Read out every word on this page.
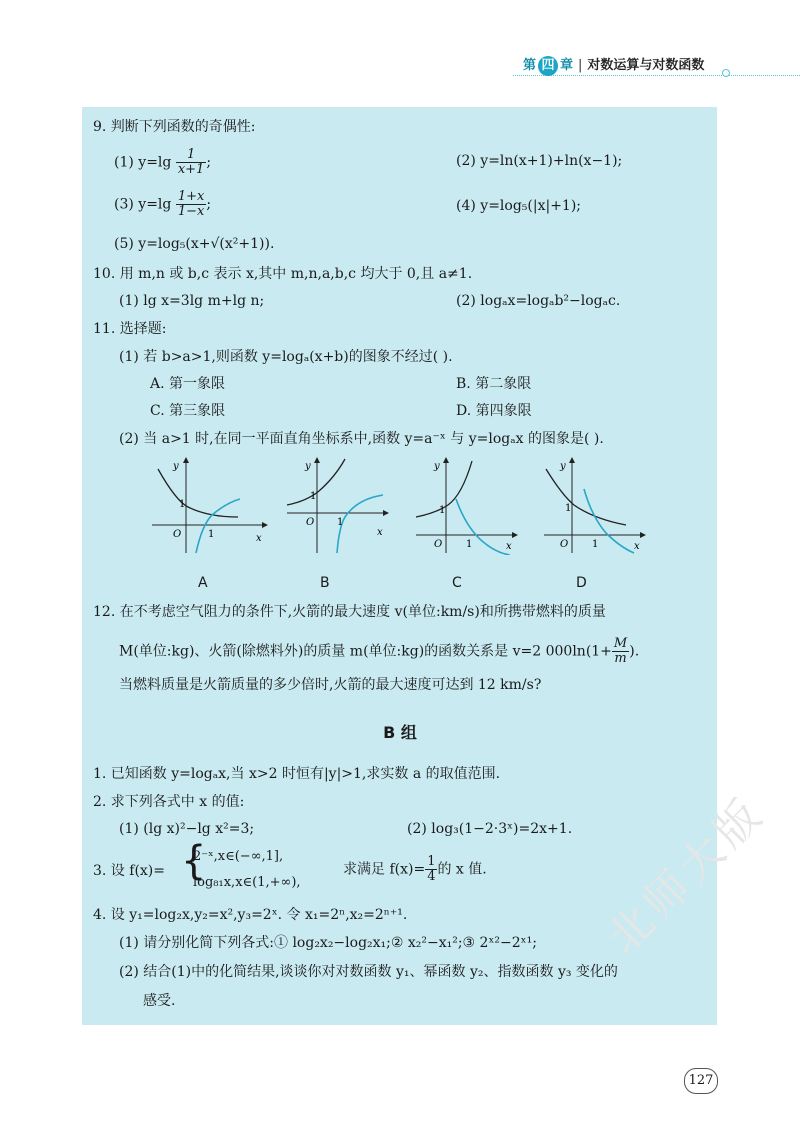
第 四 章 | 对数运算与对数函数
9. 判断下列函数的奇偶性:
(1) $y=\lg \frac{1}{x+1}$ ;	(2) y=ln(x+1)+ln(x−1);
(3) $y=\lg \frac{1+x}{1-x}$ ;	(4) y=log₅(|x|+1);
(5) y=log₅(x+√(x²+1)).
10. 用 m,n 或 b,c 表示 x,其中 m,n,a,b,c 均大于 0,且 a≠1.
(1) lg x=3lg m+lg n;	(2) logₐx=logₐb²−logₐc.
11. 选择题:
(1) 若 b>a>1,则函数 y=logₐ(x+b)的图象不经过( ).
A. 第一象限	B. 第二象限
C. 第三象限	D. 第四象限
(2) 当 a>1 时,在同一平面直角坐标系中,函数 y=a⁻ˣ 与 y=logₐx 的图象是( ).
y
x
O
1
1
y
x
O
1
1
y
x
O
1
1
y
x
O
1
1
A	B	C	D
12. 在不考虑空气阻力的条件下,火箭的最大速度 v(单位:km/s)和所携带燃料的质量
M(单位:kg)、火箭(除燃料外)的质量 m(单位:kg)的函数关系是 v=2 $000\ln(1+ \frac{M}{m}$ ).
当燃料质量是火箭质量的多少倍时,火箭的最大速度可达到 12 km/s?
B 组
1. 已知函数 y=logₐx,当 x>2 时恒有|y|>1,求实数 a 的取值范围.
2. 求下列各式中 x 的值:
(1) (lg x)²−lg x²=3;	(2) log₃(1−2·3ˣ)=2x+1.
3. 设 f(x)= {
2⁻ˣ,x∈(−∞,1],
log₈₁x,x∈(1,+∞),
求满足 $f(x)= \frac{1}{4}$ 的 x 值.
4. 设 y₁=log₂x,y₂=x²,y₃=2ˣ. 令 x₁=2ⁿ,x₂=2ⁿ⁺¹.
(1) 请分别化简下列各式:① log₂x₂−log₂x₁;② x₂²−x₁²;③ 2ˣ²−2ˣ¹;
(2) 结合(1)中的化简结果,谈谈你对对数函数 y₁、幂函数 y₂、指数函数 y₃ 变化的
感受.
北师大版
127
